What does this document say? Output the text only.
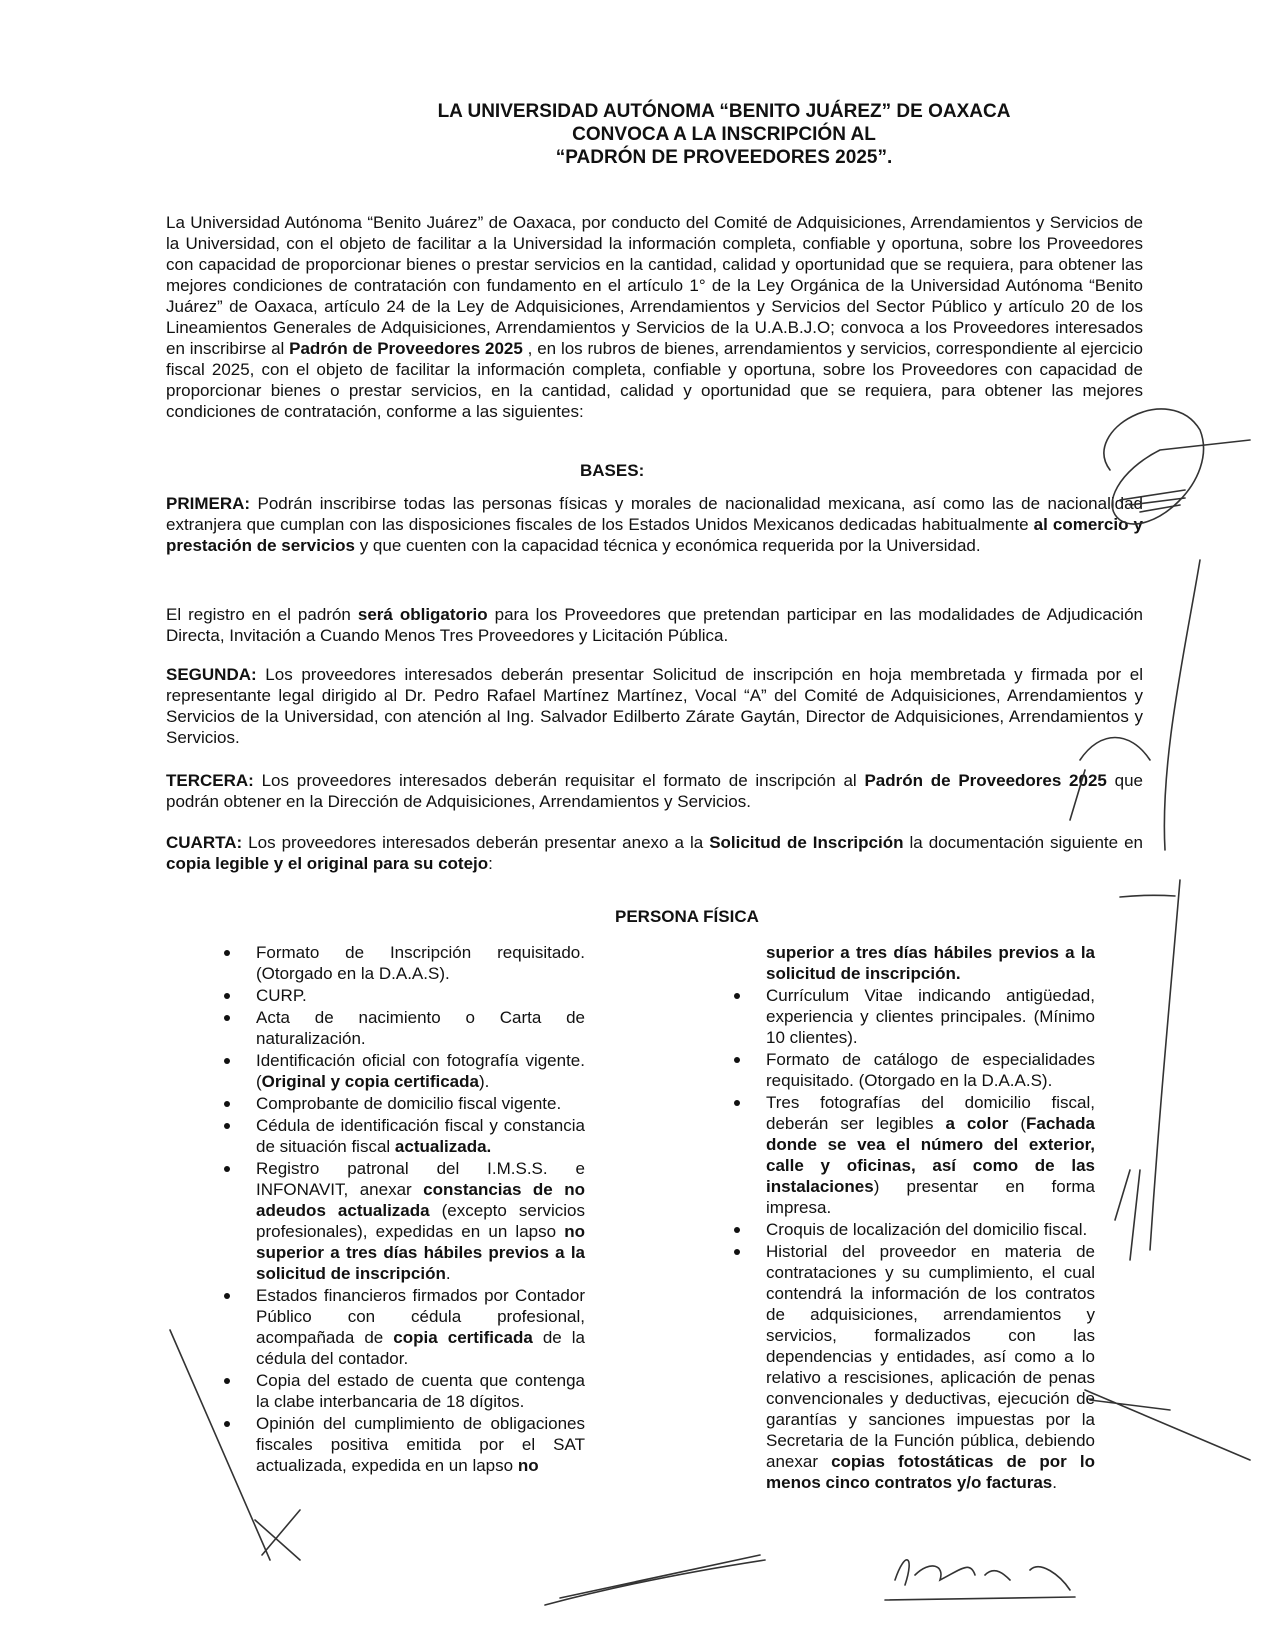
LA UNIVERSIDAD AUTÓNOMA “BENITO JUÁREZ” DE OAXACA
CONVOCA A LA INSCRIPCIÓN AL
“PADRÓN DE PROVEEDORES 2025”.
La Universidad Autónoma “Benito Juárez” de Oaxaca, por conducto del Comité de Adquisiciones, Arrendamientos y Servicios de la Universidad, con el objeto de facilitar a la Universidad la información completa, confiable y oportuna, sobre los Proveedores con capacidad de proporcionar bienes o prestar servicios en la cantidad, calidad y oportunidad que se requiera, para obtener las mejores condiciones de contratación con fundamento en el artículo 1° de la Ley Orgánica de la Universidad Autónoma “Benito Juárez” de Oaxaca, artículo 24 de la Ley de Adquisiciones, Arrendamientos y Servicios del Sector Público y artículo 20 de los Lineamientos Generales de Adquisiciones, Arrendamientos y Servicios de la U.A.B.J.O; convoca a los Proveedores interesados en inscribirse al Padrón de Proveedores 2025 , en los rubros de bienes, arrendamientos y servicios, correspondiente al ejercicio fiscal 2025, con el objeto de facilitar la información completa, confiable y oportuna, sobre los Proveedores con capacidad de proporcionar bienes o prestar servicios, en la cantidad, calidad y oportunidad que se requiera, para obtener las mejores condiciones de contratación, conforme a las siguientes:
BASES:
PRIMERA: Podrán inscribirse todas las personas físicas y morales de nacionalidad mexicana, así como las de nacionalidad extranjera que cumplan con las disposiciones fiscales de los Estados Unidos Mexicanos dedicadas habitualmente al comercio y prestación de servicios y que cuenten con la capacidad técnica y económica requerida por la Universidad.
El registro en el padrón será obligatorio para los Proveedores que pretendan participar en las modalidades de Adjudicación Directa, Invitación a Cuando Menos Tres Proveedores y Licitación Pública.
SEGUNDA: Los proveedores interesados deberán presentar Solicitud de inscripción en hoja membretada y firmada por el representante legal dirigido al Dr. Pedro Rafael Martínez Martínez, Vocal “A” del Comité de Adquisiciones, Arrendamientos y Servicios de la Universidad, con atención al Ing. Salvador Edilberto Zárate Gaytán, Director de Adquisiciones, Arrendamientos y Servicios.
TERCERA: Los proveedores interesados deberán requisitar el formato de inscripción al Padrón de Proveedores 2025 que podrán obtener en la Dirección de Adquisiciones, Arrendamientos y Servicios.
CUARTA: Los proveedores interesados deberán presentar anexo a la Solicitud de Inscripción la documentación siguiente en copia legible y el original para su cotejo:
PERSONA FÍSICA
Formato de Inscripción requisitado. (Otorgado en la D.A.A.S).
CURP.
Acta de nacimiento o Carta de naturalización.
Identificación oficial con fotografía vigente. (Original y copia certificada).
Comprobante de domicilio fiscal vigente.
Cédula de identificación fiscal y constancia de situación fiscal actualizada.
Registro patronal del I.M.S.S. e INFONAVIT, anexar constancias de no adeudos actualizada (excepto servicios profesionales), expedidas en un lapso no superior a tres días hábiles previos a la solicitud de inscripción.
Estados financieros firmados por Contador Público con cédula profesional, acompañada de copia certificada de la cédula del contador.
Copia del estado de cuenta que contenga la clabe interbancaria de 18 dígitos.
Opinión del cumplimiento de obligaciones fiscales positiva emitida por el SAT actualizada, expedida en un lapso no
superior a tres días hábiles previos a la solicitud de inscripción.
Currículum Vitae indicando antigüedad, experiencia y clientes principales. (Mínimo 10 clientes).
Formato de catálogo de especialidades requisitado. (Otorgado en la D.A.A.S).
Tres fotografías del domicilio fiscal, deberán ser legibles a color (Fachada donde se vea el número del exterior, calle y oficinas, así como de las instalaciones) presentar en forma impresa.
Croquis de localización del domicilio fiscal.
Historial del proveedor en materia de contrataciones y su cumplimiento, el cual contendrá la información de los contratos de adquisiciones, arrendamientos y servicios, formalizados con las dependencias y entidades, así como a lo relativo a rescisiones, aplicación de penas convencionales y deductivas, ejecución de garantías y sanciones impuestas por la Secretaria de la Función pública, debiendo anexar copias fotostáticas de por lo menos cinco contratos y/o facturas.
